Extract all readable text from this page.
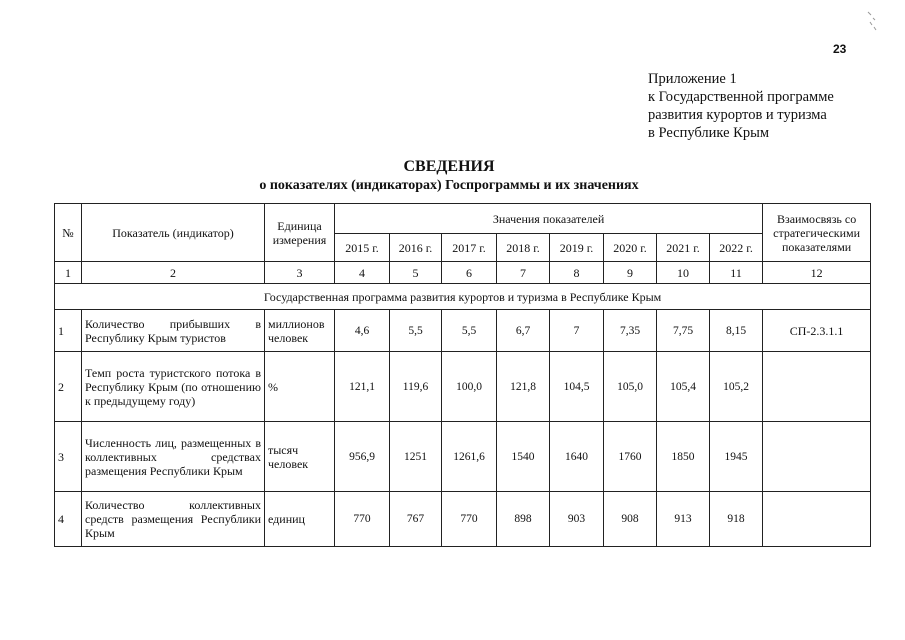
23
Приложение 1
к Государственной программе
развития курортов и туризма
в Республике Крым
СВЕДЕНИЯ
о показателях (индикаторах) Госпрограммы и их значениях
№	Показатель (индикатор)	Единица измерения	Значения показателей								Взаимосвязь со стратегическими показателями
			2015 г.	2016 г.	2017 г.	2018 г.	2019 г.	2020 г.	2021 г.	2022 г.	
1	2	3	4	5	6	7	8	9	10	11	12
Государственная программа развития курортов и туризма в Республике Крым											
1	Количество прибывших в Республику Крым туристов	миллионов человек	4,6	5,5	5,5	6,7	7	7,35	7,75	8,15	СП-2.3.1.1
2	Темп роста туристского потока в Республику Крым (по отношению к предыдущему году)	%	121,1	119,6	100,0	121,8	104,5	105,0	105,4	105,2	
3	Численность лиц, размещенных в коллективных средствах размещения Республики Крым	тысяч человек	956,9	1251	1261,6	1540	1640	1760	1850	1945	
4	Количество коллективных средств размещения Республики Крым	единиц	770	767	770	898	903	908	913	918	
